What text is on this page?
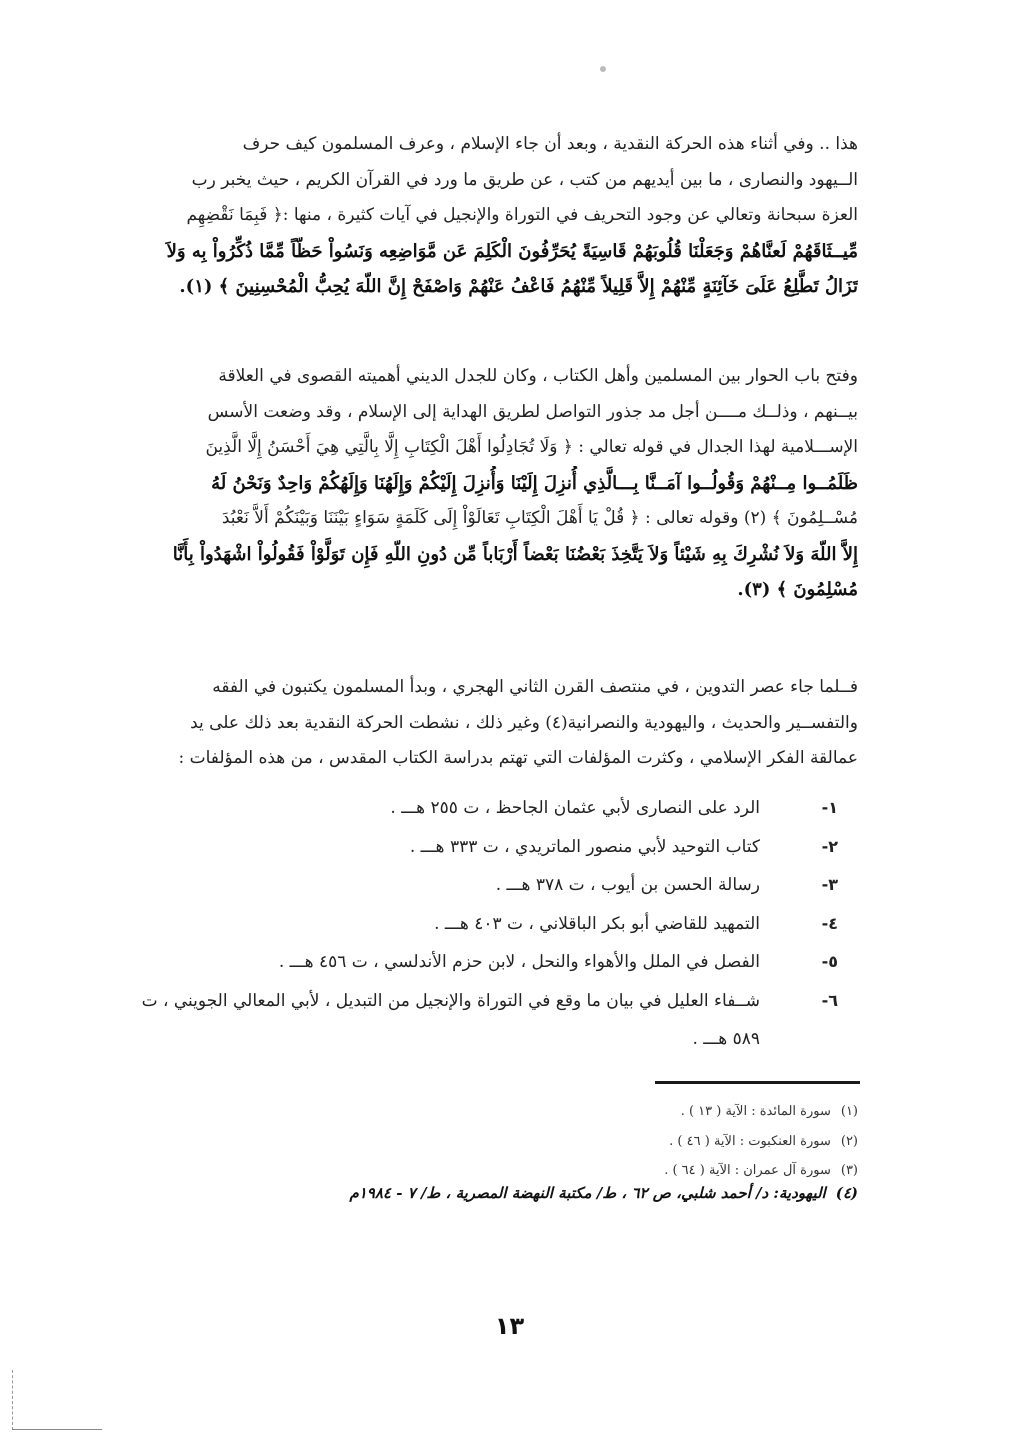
هذا .. وفي أثناء هذه الحركة النقدية ، وبعد أن جاء الإسلام ، وعرف المسلمون كيف حرف
الــيهود والنصارى ، ما بين أيديهم من كتب ، عن طريق ما ورد في القرآن الكريم ، حيث يخبر رب
العزة سبحانة وتعالي عن وجود التحريف في التوراة والإنجيل في آيات كثيرة ، منها :﴿ فَبِمَا نَقْضِهِم
مِّيــثَاقَهُمْ لَعنَّاهُمْ وَجَعَلْنَا قُلُوبَهُمْ قَاسِيَةً يُحَرِّفُونَ الْكَلِمَ عَن مَّوَاضِعِه وَنَسُواْ حَظّاً مِّمَّا ذُكِّرُواْ بِه وَلاَ
تَزَالُ تَطَّلِعُ عَلَىَ خَآئِنَةٍ مِّنْهُمْ إِلاَّ قَلِيلاً مِّنْهُمُ فَاعْفُ عَنْهُمْ وَاصْفَحْ إِنَّ اللّهَ يُحِبُّ الْمُحْسِنِينَ ﴾ (١).
وفتح باب الحوار بين المسلمين وأهل الكتاب ، وكان للجدل الديني أهميته القصوى في العلاقة
بيــنهم ، وذلــك مــــن أجل مد جذور التواصل لطريق الهداية إلى الإسلام ، وقد وضعت الأسس
الإســـلامية لهذا الجدال في قوله تعالي : ﴿ وَلَا تُجَادِلُوا أَهْلَ الْكِتَابِ إِلَّا بِالَّتِي هِيَ أَحْسَنُ إِلَّا الَّذِينَ
ظَلَمُــوا مِــنْهُمْ وَقُولُــوا آمَــنَّا بِـــالَّذِي أُنزِلَ إِلَيْنَا وَأُنزِلَ إِلَيْكُمْ وَإِلَهُنَا وَإِلَهُكُمْ وَاحِدٌ وَنَحْنُ لَهُ
مُسْــلِمُونَ ﴾ (٢) وقوله تعالى : ﴿ قُلْ يَا أَهْلَ الْكِتَابِ تَعَالَوْاْ إِلَى كَلَمَةٍ سَوَاءٍ بَيْنَنَا وَبَيْنَكُمْ أَلاَّ نَعْبُدَ
إِلاَّ اللّهَ وَلاَ نُشْرِكَ بِهِ شَيْئاً وَلاَ يَتَّخِذَ بَعْضُنَا بَعْضاً أَرْبَاباً مِّن دُونِ اللّهِ فَإِن تَوَلَّوْاْ فَقُولُواْ اشْهَدُواْ بِأَنَّا
مُسْلِمُونَ ﴾ (٣).
فــلما جاء عصر التدوين ، في منتصف القرن الثاني الهجري ، وبدأ المسلمون يكتبون في الفقه
والتفســير والحديث ، واليهودية والنصرانية(٤) وغير ذلك ، نشطت الحركة النقدية بعد ذلك على يد
عمالقة الفكر الإسلامي ، وكثرت المؤلفات التي تهتم بدراسة الكتاب المقدس ، من هذه المؤلفات :
١-
الرد على النصارى لأبي عثمان الجاحظ ، ت ٢٥٥ هـــ .
٢-
كتاب التوحيد لأبي منصور الماتريدي ، ت ٣٣٣ هـــ .
٣-
رسالة الحسن بن أيوب ، ت ٣٧٨ هـــ .
٤-
التمهيد للقاضي أبو بكر الباقلاني ، ت ٤٠٣ هـــ .
٥-
الفصل في الملل والأهواء والنحل ، لابن حزم الأندلسي ، ت ٤٥٦ هـــ .
٦-
شــفاء العليل في بيان ما وقع في التوراة والإنجيل من التبديل ، لأبي المعالي الجويني ، ت
٥٨٩ هـــ .
(١)سورة المائدة : الآية ( ١٣ ) .
(٢)سورة العنكبوت : الآية ( ٤٦ ) .
(٣)سورة آل عمران : الآية ( ٦٤ ) .
(٤)اليهودية: د/ أحمد شلبي، ص ٦٢ ، ط/ مكتبة النهضة المصرية ، ط/ ٧ - ١٩٨٤م
١٣
